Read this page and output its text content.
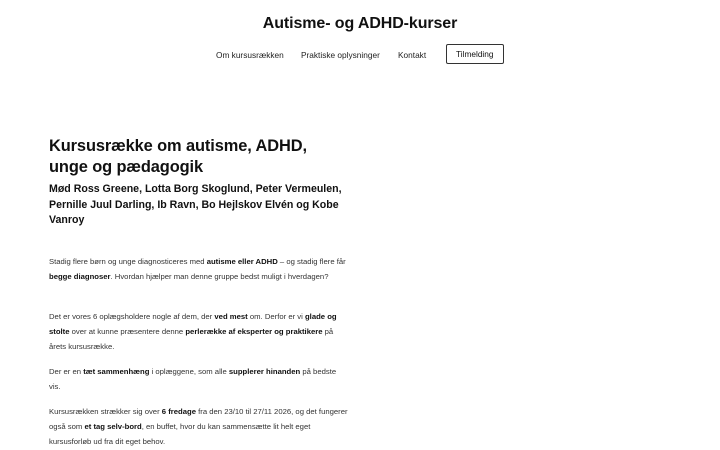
Autisme- og ADHD-kurser
Om kursusrækken Praktiske oplysninger Kontakt	Tilmelding
Kursusrække om autisme, ADHD, unge og pædagogik
Mød Ross Greene, Lotta Borg Skoglund, Peter Vermeulen, Pernille Juul Darling, Ib Ravn, Bo Hejlskov Elvén og Kobe Vanroy

Stadig flere børn og unge diagnosticeres med autisme eller ADHD – og stadig flere får begge diagnoser. Hvordan hjælper man denne gruppe bedst muligt i hverdagen?

Det er vores 6 oplægsholdere nogle af dem, der ved mest om. Derfor er vi glade og stolte over at kunne præsentere denne perlerække af eksperter og praktikere på årets kursusrække.

Der er en tæt sammenhæng i oplæggene, som alle supplerer hinanden på bedste vis.

Kursusrækken strækker sig over 6 fredage fra den 23/10 til 27/11 2026, og det fungerer også som et tag selv-bord, en buffet, hvor du kan sammensætte lit helt eget kursusforløb ud fra dit eget behov.
